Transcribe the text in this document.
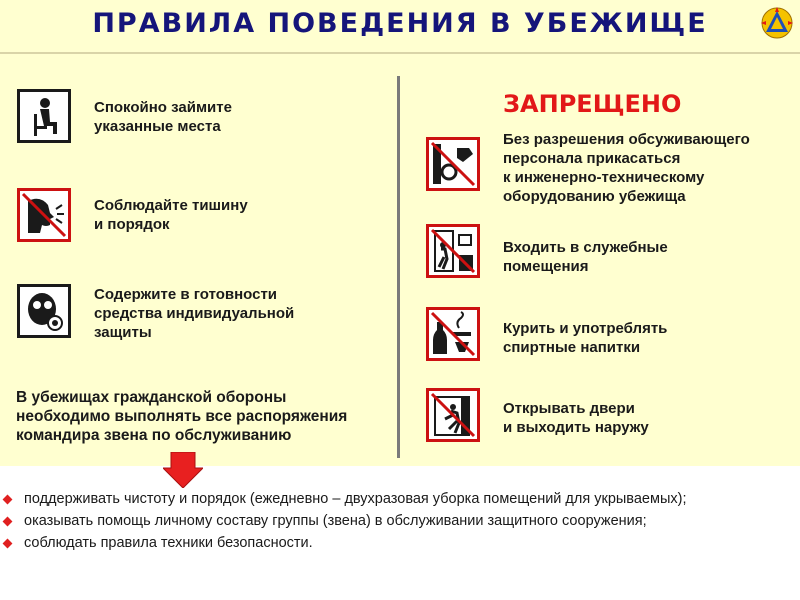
ПРАВИЛА ПОВЕДЕНИЯ В УБЕЖИЩЕ
Спокойно займите
указанные места
Соблюдайте тишину
и порядок
Содержите в готовности
средства индивидуальной
защиты
В убежищах гражданской обороны
необходимо выполнять все распоряжения
командира звена по обслуживанию
ЗАПРЕЩЕНО
Без разрешения обсуживающего
персонала прикасаться
к инженерно-техническому
оборудованию убежища
Входить в служебные
помещения
Курить и употреблять
спиртные напитки
Открывать двери
и выходить наружу
поддерживать чистоту и порядок (ежедневно – двухразовая уборка помещений для укрываемых);
оказывать помощь личному составу группы (звена) в обслуживании защитного сооружения;
соблюдать правила техники безопасности.
